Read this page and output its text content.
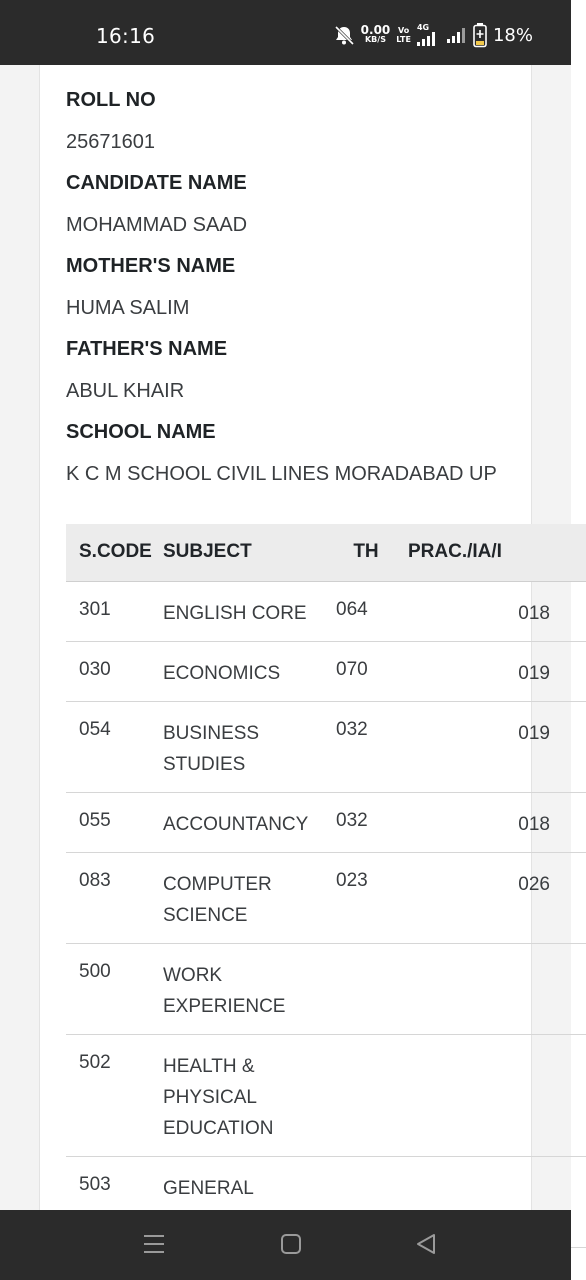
16:16	0.00
KB/S
Vo
LTE
4G	18%
ROLL NO
25671601
CANDIDATE NAME
MOHAMMAD SAAD
MOTHER'S NAME
HUMA SALIM
FATHER'S NAME
ABUL KHAIR
SCHOOL NAME
K C M SCHOOL CIVIL LINES MORADABAD UP
S.CODE	SUBJECT	TH	PRAC./IA/I
301	ENGLISH CORE	064	018
030	ECONOMICS	070	019
054	BUSINESS STUDIES	032	019
055	ACCOUNTANCY	032	018
083	COMPUTER SCIENCE	023	026
500	WORK EXPERIENCE		
502	HEALTH & PHYSICAL EDUCATION		
503	GENERAL		
